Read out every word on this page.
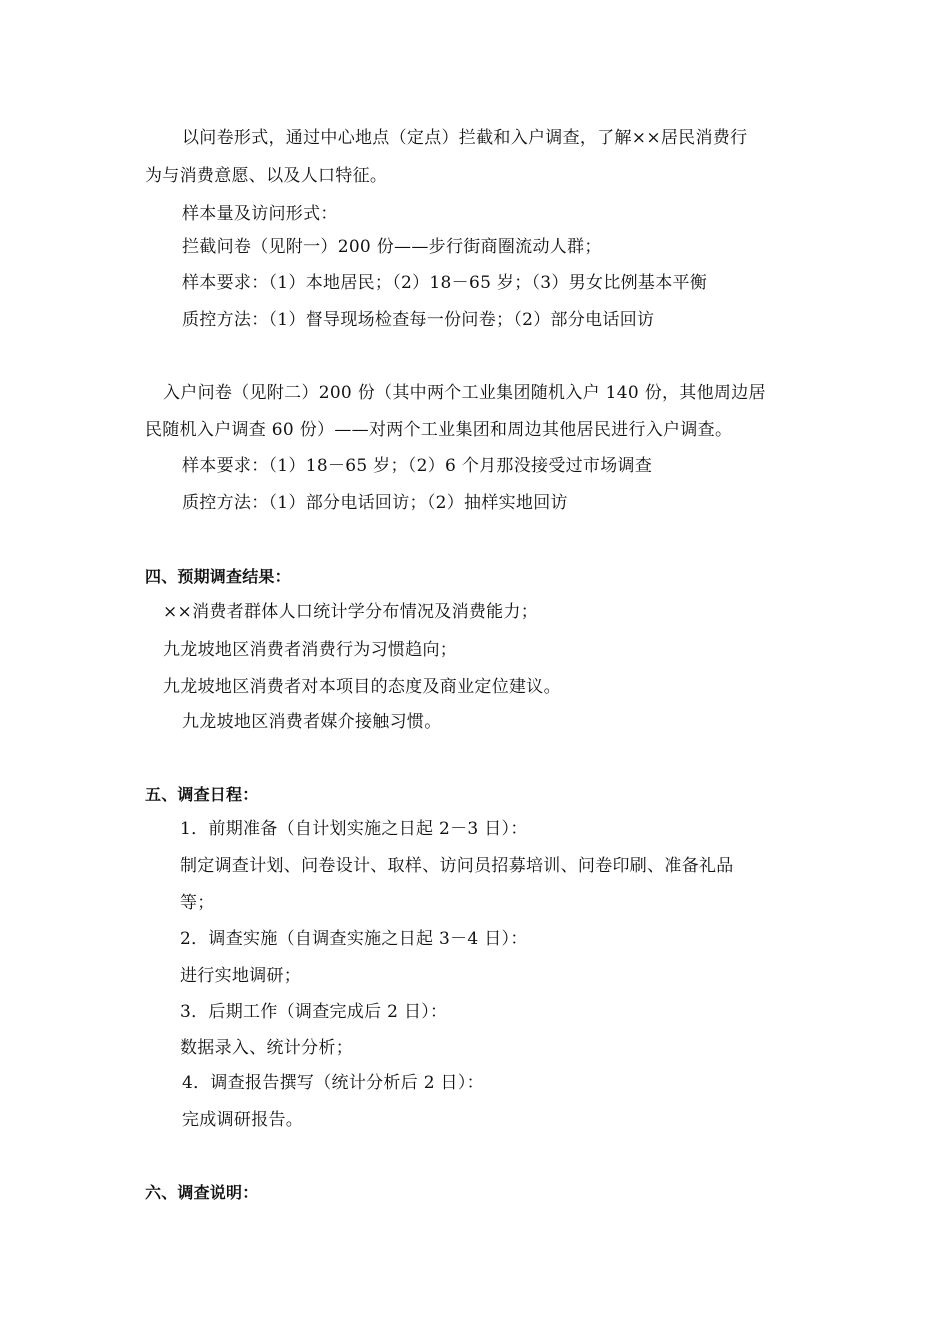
以问卷形式，通过中心地点（定点）拦截和入户调查，了解××居民消费行
为与消费意愿、以及人口特征。
样本量及访问形式：
拦截问卷（见附一）200 份——步行街商圈流动人群；
样本要求：（1）本地居民；（2）18－65 岁；（3）男女比例基本平衡
质控方法：（1）督导现场检查每一份问卷；（2）部分电话回访
入户问卷（见附二）200 份（其中两个工业集团随机入户 140 份，其他周边居
民随机入户调查 60 份）——对两个工业集团和周边其他居民进行入户调查。
样本要求：（1）18－65 岁；（2）6 个月那没接受过市场调查
质控方法：（1）部分电话回访；（2）抽样实地回访
四、预期调查结果：
××消费者群体人口统计学分布情况及消费能力；
九龙坡地区消费者消费行为习惯趋向；
九龙坡地区消费者对本项目的态度及商业定位建议。
九龙坡地区消费者媒介接触习惯。
五、调查日程：
1．前期准备（自计划实施之日起 2－3 日）：
制定调查计划、问卷设计、取样、访问员招募培训、问卷印刷、准备礼品
等；
2．调查实施（自调查实施之日起 3－4 日）：
进行实地调研；
3．后期工作（调查完成后 2 日）：
数据录入、统计分析；
4．调查报告撰写（统计分析后 2 日）：
完成调研报告。
六、调查说明：
